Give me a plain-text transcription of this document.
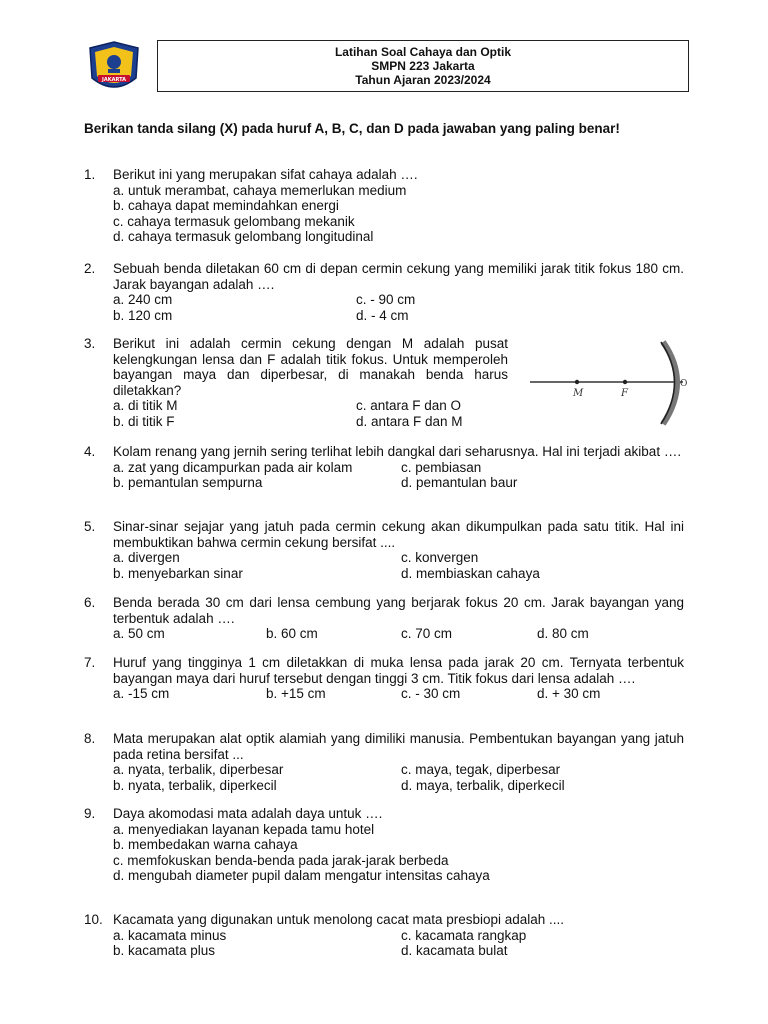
JAKARTA
Latihan Soal Cahaya dan Optik
SMPN 223 Jakarta
Tahun Ajaran 2023/2024
Berikan tanda silang (X) pada huruf A, B, C, dan D pada jawaban yang paling benar!
1. Berikut ini yang merupakan sifat cahaya adalah ….
a. untuk merambat, cahaya memerlukan medium
b. cahaya dapat memindahkan energi
c. cahaya termasuk gelombang mekanik
d. cahaya termasuk gelombang longitudinal
2. Sebuah benda diletakan 60 cm di depan cermin cekung yang memiliki jarak titik fokus 180 cm. Jarak bayangan adalah ….
a. 240 cm	c. - 90 cm
b. 120 cm	d. - 4 cm
3. Berikut ini adalah cermin cekung dengan M adalah pusat kelengkungan lensa dan F adalah titik fokus. Untuk memperoleh bayangan maya dan diperbesar, di manakah benda harus diletakkan?
a. di titik M	c. antara F dan O
b. di titik F	d. antara F dan M
M	F
O
4. Kolam renang yang jernih sering terlihat lebih dangkal dari seharusnya. Hal ini terjadi akibat ….
a. zat yang dicampurkan pada air kolam	c. pembiasan
b. pemantulan sempurna	d. pemantulan baur
5. Sinar-sinar sejajar yang jatuh pada cermin cekung akan dikumpulkan pada satu titik. Hal ini membuktikan bahwa cermin cekung bersifat ....
a. divergen	c. konvergen
b. menyebarkan sinar	d. membiaskan cahaya
6. Benda berada 30 cm dari lensa cembung yang berjarak fokus 20 cm. Jarak bayangan yang terbentuk adalah ….
a. 50 cm	b. 60 cm	c. 70 cm	d. 80 cm
7. Huruf yang tingginya 1 cm diletakkan di muka lensa pada jarak 20 cm. Ternyata terbentuk bayangan maya dari huruf tersebut dengan tinggi 3 cm. Titik fokus dari lensa adalah ….
a. -15 cm	b. +15 cm	c. - 30 cm	d. + 30 cm
8. Mata merupakan alat optik alamiah yang dimiliki manusia. Pembentukan bayangan yang jatuh pada retina bersifat ...
a. nyata, terbalik, diperbesar	c. maya, tegak, diperbesar
b. nyata, terbalik, diperkecil	d. maya, terbalik, diperkecil
9. Daya akomodasi mata adalah daya untuk ….
a. menyediakan layanan kepada tamu hotel
b. membedakan warna cahaya
c. memfokuskan benda-benda pada jarak-jarak berbeda
d. mengubah diameter pupil dalam mengatur intensitas cahaya
10. Kacamata yang digunakan untuk menolong cacat mata presbiopi adalah ....
a. kacamata minus	c. kacamata rangkap
b. kacamata plus	d. kacamata bulat
